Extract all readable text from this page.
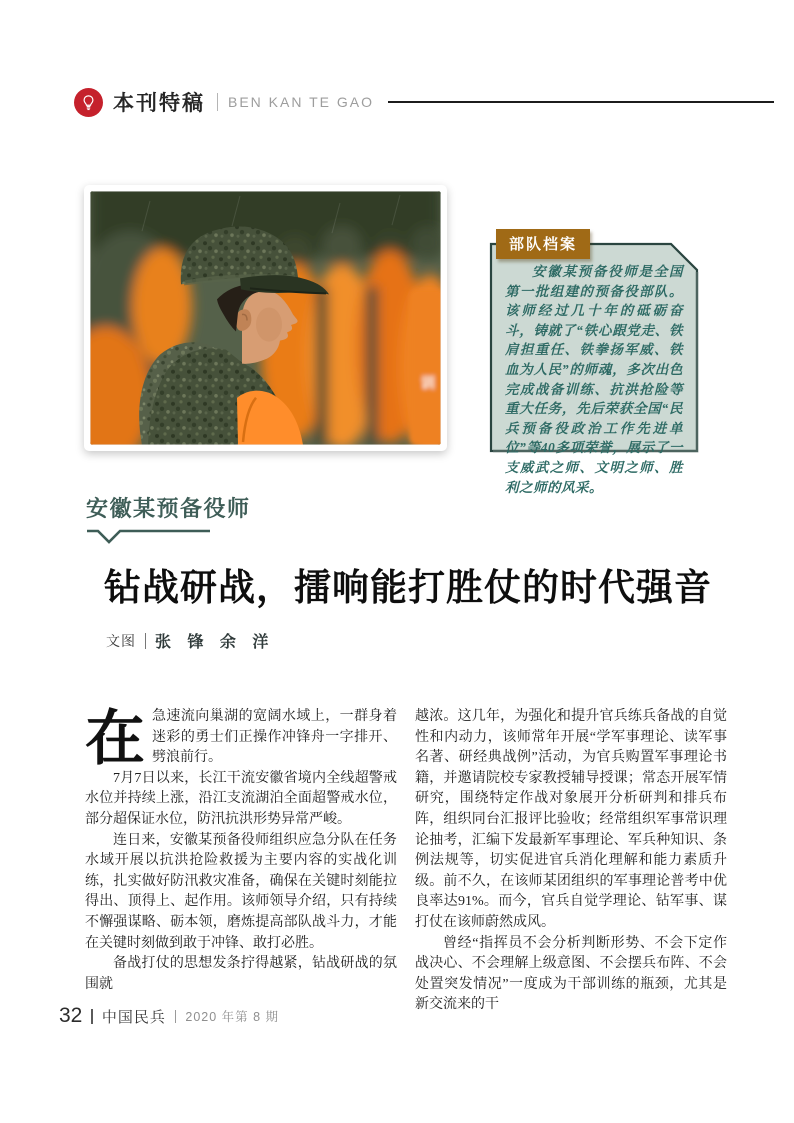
本刊特稿 BEN KAN TE GAO
训
安徽某预备役师是全国第一批组建的预备役部队。该师经过几十年的砥砺奋斗，铸就了“铁心跟党走、铁肩担重任、铁拳扬军威、铁血为人民”的师魂，多次出色完成战备训练、抗洪抢险等重大任务，先后荣获全国“民兵预备役政治工作先进单位”等40多项荣誉，展示了一支威武之师、文明之师、胜利之师的风采。
部队档案
安徽某预备役师
钻战研战，擂响能打胜仗的时代强音
文图 张 锋 余 洋

在急速流向巢湖的宽阔水域上，一群身着迷彩的勇士们正操作冲锋舟一字排开、劈浪前行。

7月7日以来，长江干流安徽省境内全线超警戒水位并持续上涨，沿江支流湖泊全面超警戒水位，部分超保证水位，防汛抗洪形势异常严峻。

连日来，安徽某预备役师组织应急分队在任务水域开展以抗洪抢险救援为主要内容的实战化训练，扎实做好防汛救灾准备，确保在关键时刻能拉得出、顶得上、起作用。该师领导介绍，只有持续不懈强谋略、砺本领，磨炼提高部队战斗力，才能在关键时刻做到敢于冲锋、敢打必胜。

备战打仗的思想发条拧得越紧，钻战研战的氛围就

越浓。这几年，为强化和提升官兵练兵备战的自觉性和内动力，该师常年开展“学军事理论、读军事名著、研经典战例”活动，为官兵购置军事理论书籍，并邀请院校专家教授辅导授课；常态开展军情研究，围绕特定作战对象展开分析研判和排兵布阵，组织同台汇报评比验收；经常组织军事常识理论抽考，汇编下发最新军事理论、军兵种知识、条例法规等，切实促进官兵消化理解和能力素质升级。前不久，在该师某团组织的军事理论普考中优良率达91%。而今，官兵自觉学理论、钻军事、谋打仗在该师蔚然成风。

曾经“指挥员不会分析判断形势、不会下定作战决心、不会理解上级意图、不会摆兵布阵、不会处置突发情况”一度成为干部训练的瓶颈，尤其是新交流来的干

32 中国民兵 2020 年第 8 期
